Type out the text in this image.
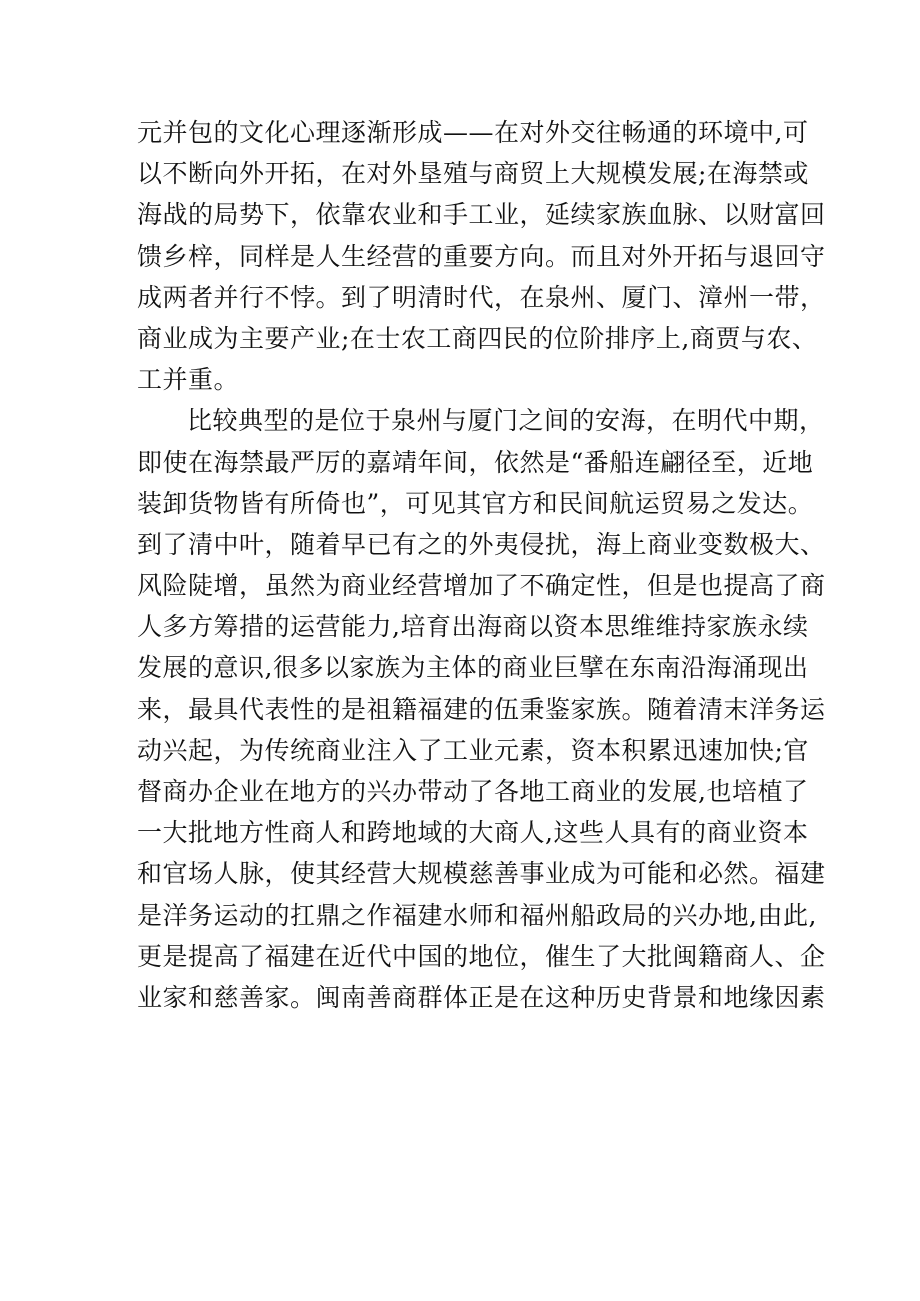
元并包的文化心理逐渐形成——在对外交往畅通的环境中,可
以不断向外开拓，在对外垦殖与商贸上大规模发展;在海禁或
海战的局势下，依靠农业和手工业，延续家族血脉、以财富回
馈乡梓，同样是人生经营的重要方向。而且对外开拓与退回守
成两者并行不悖。到了明清时代，在泉州、厦门、漳州一带，
商业成为主要产业;在士农工商四民的位阶排序上,商贾与农、
工并重。
比较典型的是位于泉州与厦门之间的安海，在明代中期，
即使在海禁最严厉的嘉靖年间，依然是“番船连翩径至，近地
装卸货物皆有所倚也”，可见其官方和民间航运贸易之发达。
到了清中叶，随着早已有之的外夷侵扰，海上商业变数极大、
风险陡增，虽然为商业经营增加了不确定性，但是也提高了商
人多方筹措的运营能力,培育出海商以资本思维维持家族永续
发展的意识,很多以家族为主体的商业巨擘在东南沿海涌现出
来，最具代表性的是祖籍福建的伍秉鉴家族。随着清末洋务运
动兴起，为传统商业注入了工业元素，资本积累迅速加快;官
督商办企业在地方的兴办带动了各地工商业的发展,也培植了
一大批地方性商人和跨地域的大商人,这些人具有的商业资本
和官场人脉，使其经营大规模慈善事业成为可能和必然。福建
是洋务运动的扛鼎之作福建水师和福州船政局的兴办地,由此,
更是提高了福建在近代中国的地位，催生了大批闽籍商人、企
业家和慈善家。闽南善商群体正是在这种历史背景和地缘因素
